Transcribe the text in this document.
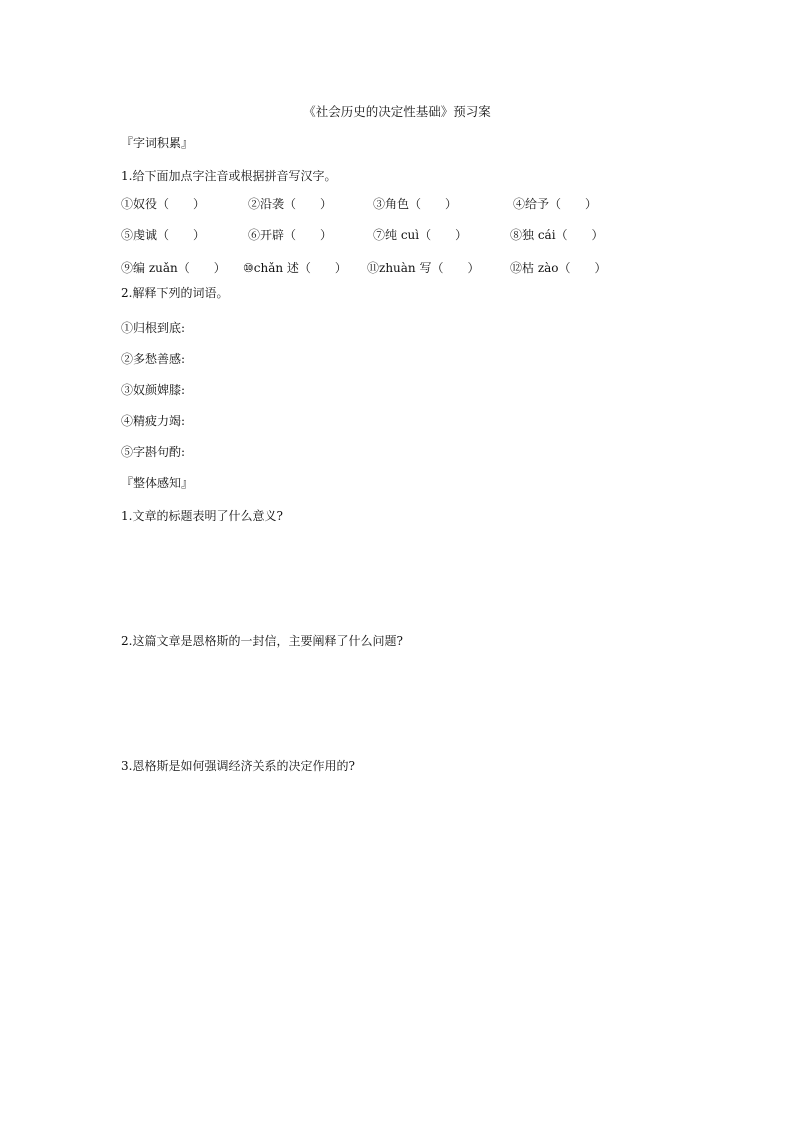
《社会历史的决定性基础》预习案
『字词积累』
1.给下面加点字注音或根据拼音写汉字。
①奴役（　　）	②沿袭（　　）	③角色（　　）	④给予（　　）
⑤虔诚（　　）	⑥开辟（　　）	⑦纯 cuì（　　）	⑧独 cái（　　）
⑨编 zuǎn（　　） ⑩chǎn 述（　　） ⑪zhuàn 写（　　）	⑫枯 zào（　　）
2.解释下列的词语。
①归根到底:
②多愁善感:
③奴颜婢膝:
④精疲力竭:
⑤字斟句酌:
『整体感知』
1.文章的标题表明了什么意义?
2.这篇文章是恩格斯的一封信，主要阐释了什么问题?
3.恩格斯是如何强调经济关系的决定作用的?
